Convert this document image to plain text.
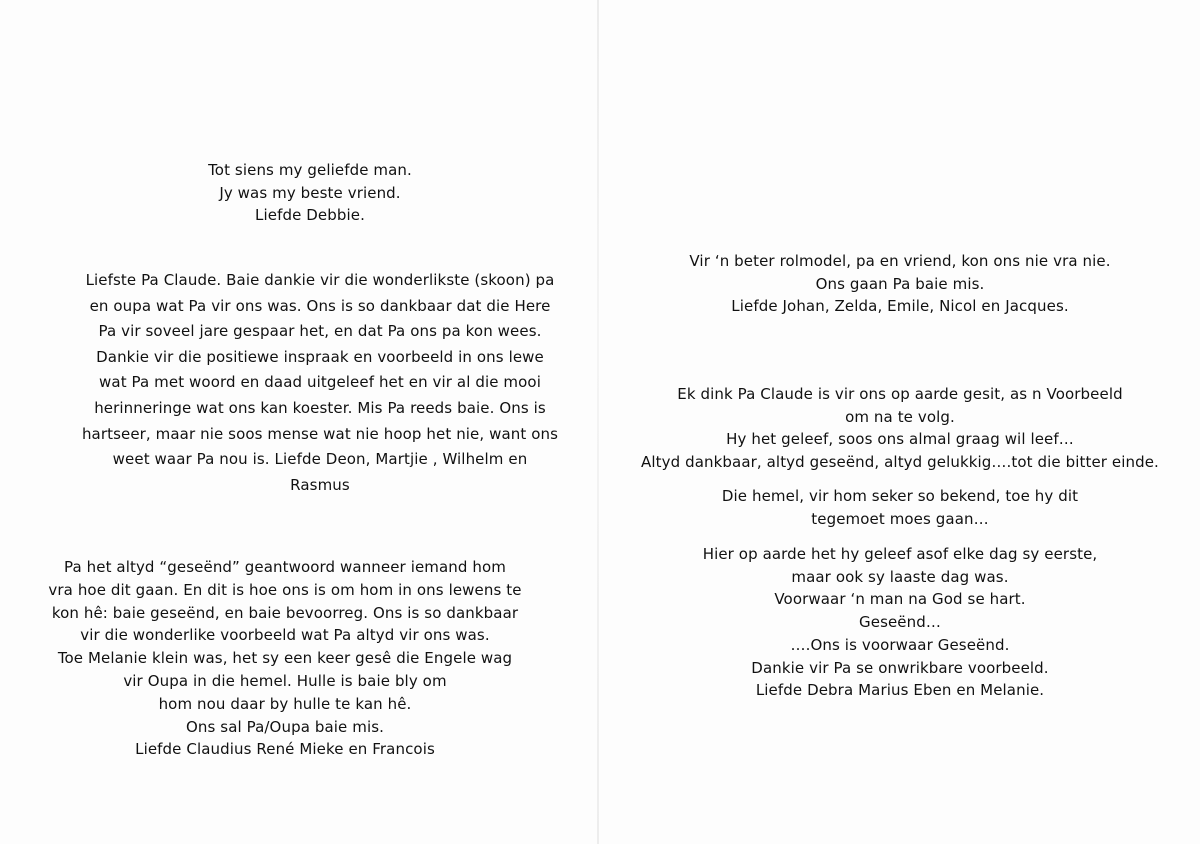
Tot siens my geliefde man.
Jy was my beste vriend.
Liefde Debbie.
Liefste Pa Claude. Baie dankie vir die wonderlikste (skoon) pa
en oupa wat Pa vir ons was. Ons is so dankbaar dat die Here
Pa vir soveel jare gespaar het, en dat Pa ons pa kon wees.
Dankie vir die positiewe inspraak en voorbeeld in ons lewe
wat Pa met woord en daad uitgeleef het en vir al die mooi
herinneringe wat ons kan koester. Mis Pa reeds baie. Ons is
hartseer, maar nie soos mense wat nie hoop het nie, want ons
weet waar Pa nou is. Liefde Deon, Martjie , Wilhelm en
Rasmus
Pa het altyd “geseënd” geantwoord wanneer iemand hom
vra hoe dit gaan. En dit is hoe ons is om hom in ons lewens te
kon hê: baie geseënd, en baie bevoorreg. Ons is so dankbaar
vir die wonderlike voorbeeld wat Pa altyd vir ons was.
Toe Melanie klein was, het sy een keer gesê die Engele wag
vir Oupa in die hemel. Hulle is baie bly om
hom nou daar by hulle te kan hê.
Ons sal Pa/Oupa baie mis.
Liefde Claudius René Mieke en Francois
Vir ‘n beter rolmodel, pa en vriend, kon ons nie vra nie.
Ons gaan Pa baie mis.
Liefde Johan, Zelda, Emile, Nicol en Jacques.
Ek dink Pa Claude is vir ons op aarde gesit, as n Voorbeeld
om na te volg.
Hy het geleef, soos ons almal graag wil leef…
Altyd dankbaar, altyd geseënd, altyd gelukkig….tot die bitter einde.
Die hemel, vir hom seker so bekend, toe hy dit
tegemoet moes gaan…
Hier op aarde het hy geleef asof elke dag sy eerste,
maar ook sy laaste dag was.
Voorwaar ‘n man na God se hart.
Geseënd…
….Ons is voorwaar Geseënd.
Dankie vir Pa se onwrikbare voorbeeld.
Liefde Debra Marius Eben en Melanie.
